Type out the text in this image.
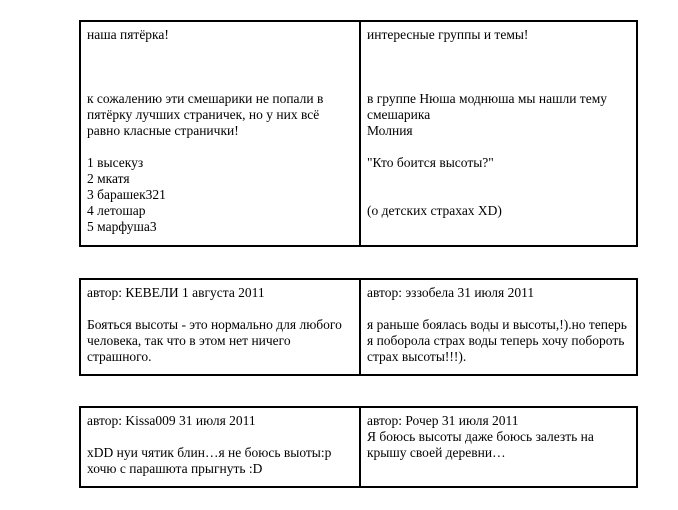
наша пятёрка!
к сожалению эти смешарики не попали в пятёрку лучших страничек, но у них всё равно класные странички!
1 высекуз
2 мкатя
3 барашек321
4 летошар
5 марфуша3

интересные группы и темы!
в группе Нюша моднюша мы нашли тему смешарика
Молния
"Кто боится высоты?"
(о детских страхах XD)
автор: КЕВЕЛИ 1 августа 2011
Бояться высоты - это нормально для любого человека, так что в этом нет ничего страшного.

автор: эззобела 31 июля 2011
я раньше боялась воды и высоты,!).но теперь я поборола страх воды теперь хочу побороть страх высоты!!!).
автор: Kissa009 31 июля 2011
xDD нуи чятик блин…я не боюсь выоты:р хочю с парашюта прыгнуть :D

автор: Рочер 31 июля 2011
Я боюсь высоты даже боюсь залезть на крышу своей деревни…
